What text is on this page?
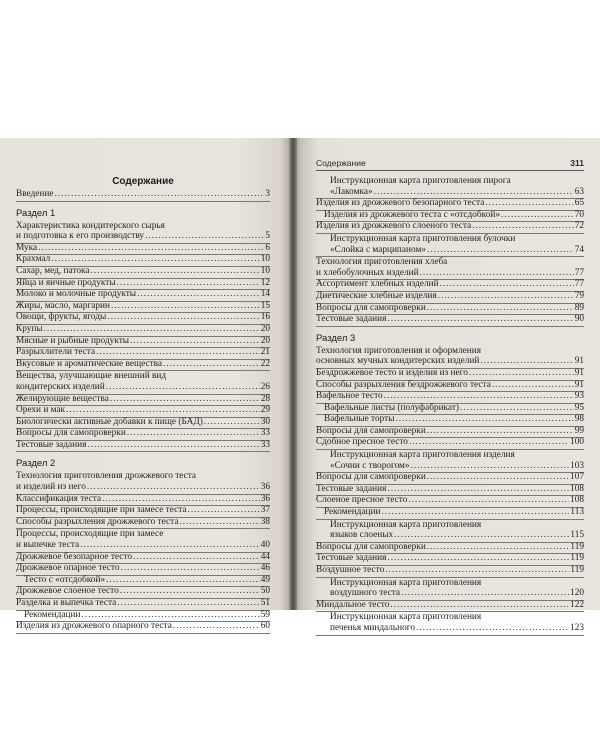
Содержание
Введение .....	3
Раздел 1
Характеристика кондитерского сырья
и подготовка к его производству .....	5
Мука .....	6
Крахмал .....	10
Сахар, мед, патока .....	10
Яйца и яичные продукты .....	12
Молоко и молочные продукты .....	14
Жиры, масло, маргарин .....	15
Овощи, фрукты, ягоды .....	16
Крупы .....	20
Мясные и рыбные продукты .....	20
Разрыхлители теста .....	21
Вкусовые и ароматические вещества .....	22
Вещества, улучшающие внешний вид
кондитерских изделий .....	26
Желирующие вещества .....	28
Орехи и мак .....	29
Биологически активные добавки к пище (БАД) .....	30
Вопросы для самопроверки .....	33
Тестовые задания .....	33
Раздел 2
Технология приготовления дрожжевого теста
и изделий из него .....	36
Классификация теста .....	36
Процессы, происходящие при замесе теста .....	37
Способы разрыхления дрожжевого теста .....	38
Процессы, происходящие при замесе
и выпечке теста .....	40
Дрожжевое безопарное тесто .....	44
Дрожжевое опарное тесто .....	46
Тесто с «отсдобкой» .....	49
Дрожжевое слоеное тесто .....	50
Разделка и выпечка теста .....	51
Рекомендации .....	59
Изделия из дрожжевого опарного теста .....	60
Содержание	311
Инструкционная карта приготовления пирога
«Лакомка» .....	63
Изделия из дрожжевого безопарного теста .....	65
Изделия из дрожжевого теста с «отсдобкой» .....	70
Изделия из дрожжевого слоеного теста .....	72
Инструкционная карта приготовления булочки
«Слойка с марципаном» .....	74
Технология приготовления хлеба
и хлебобулочных изделий .....	77
Ассортимент хлебных изделий .....	77
Диетические хлебные изделия .....	79
Вопросы для самопроверки .....	89
Тестовые задания .....	90
Раздел 3
Технология приготовления и оформления
основных мучных кондитерских изделий .....	91
Бездрожжевое тесто и изделия из него .....	91
Способы разрыхления бездрожжевого теста .....	91
Вафельное тесто .....	93
Вафельные листы (полуфабрикат) .....	95
Вафельные торты .....	98
Вопросы для самопроверки .....	99
Сдобное пресное тесто .....	100
Инструкционная карта приготовления изделия
«Сочни с творогом» .....	103
Вопросы для самопроверки .....	107
Тестовые задания .....	108
Слоеное пресное тесто .....	108
Рекомендации .....	113
Инструкционная карта приготовления
языков слоеных .....	115
Вопросы для самопроверки .....	119
Тестовые задания .....	119
Воздушное тесто .....	119
Инструкционная карта приготовления
воздушного теста .....	120
Миндальное тесто .....	122
Инструкционная карта приготовления
печенья миндального .....	123
